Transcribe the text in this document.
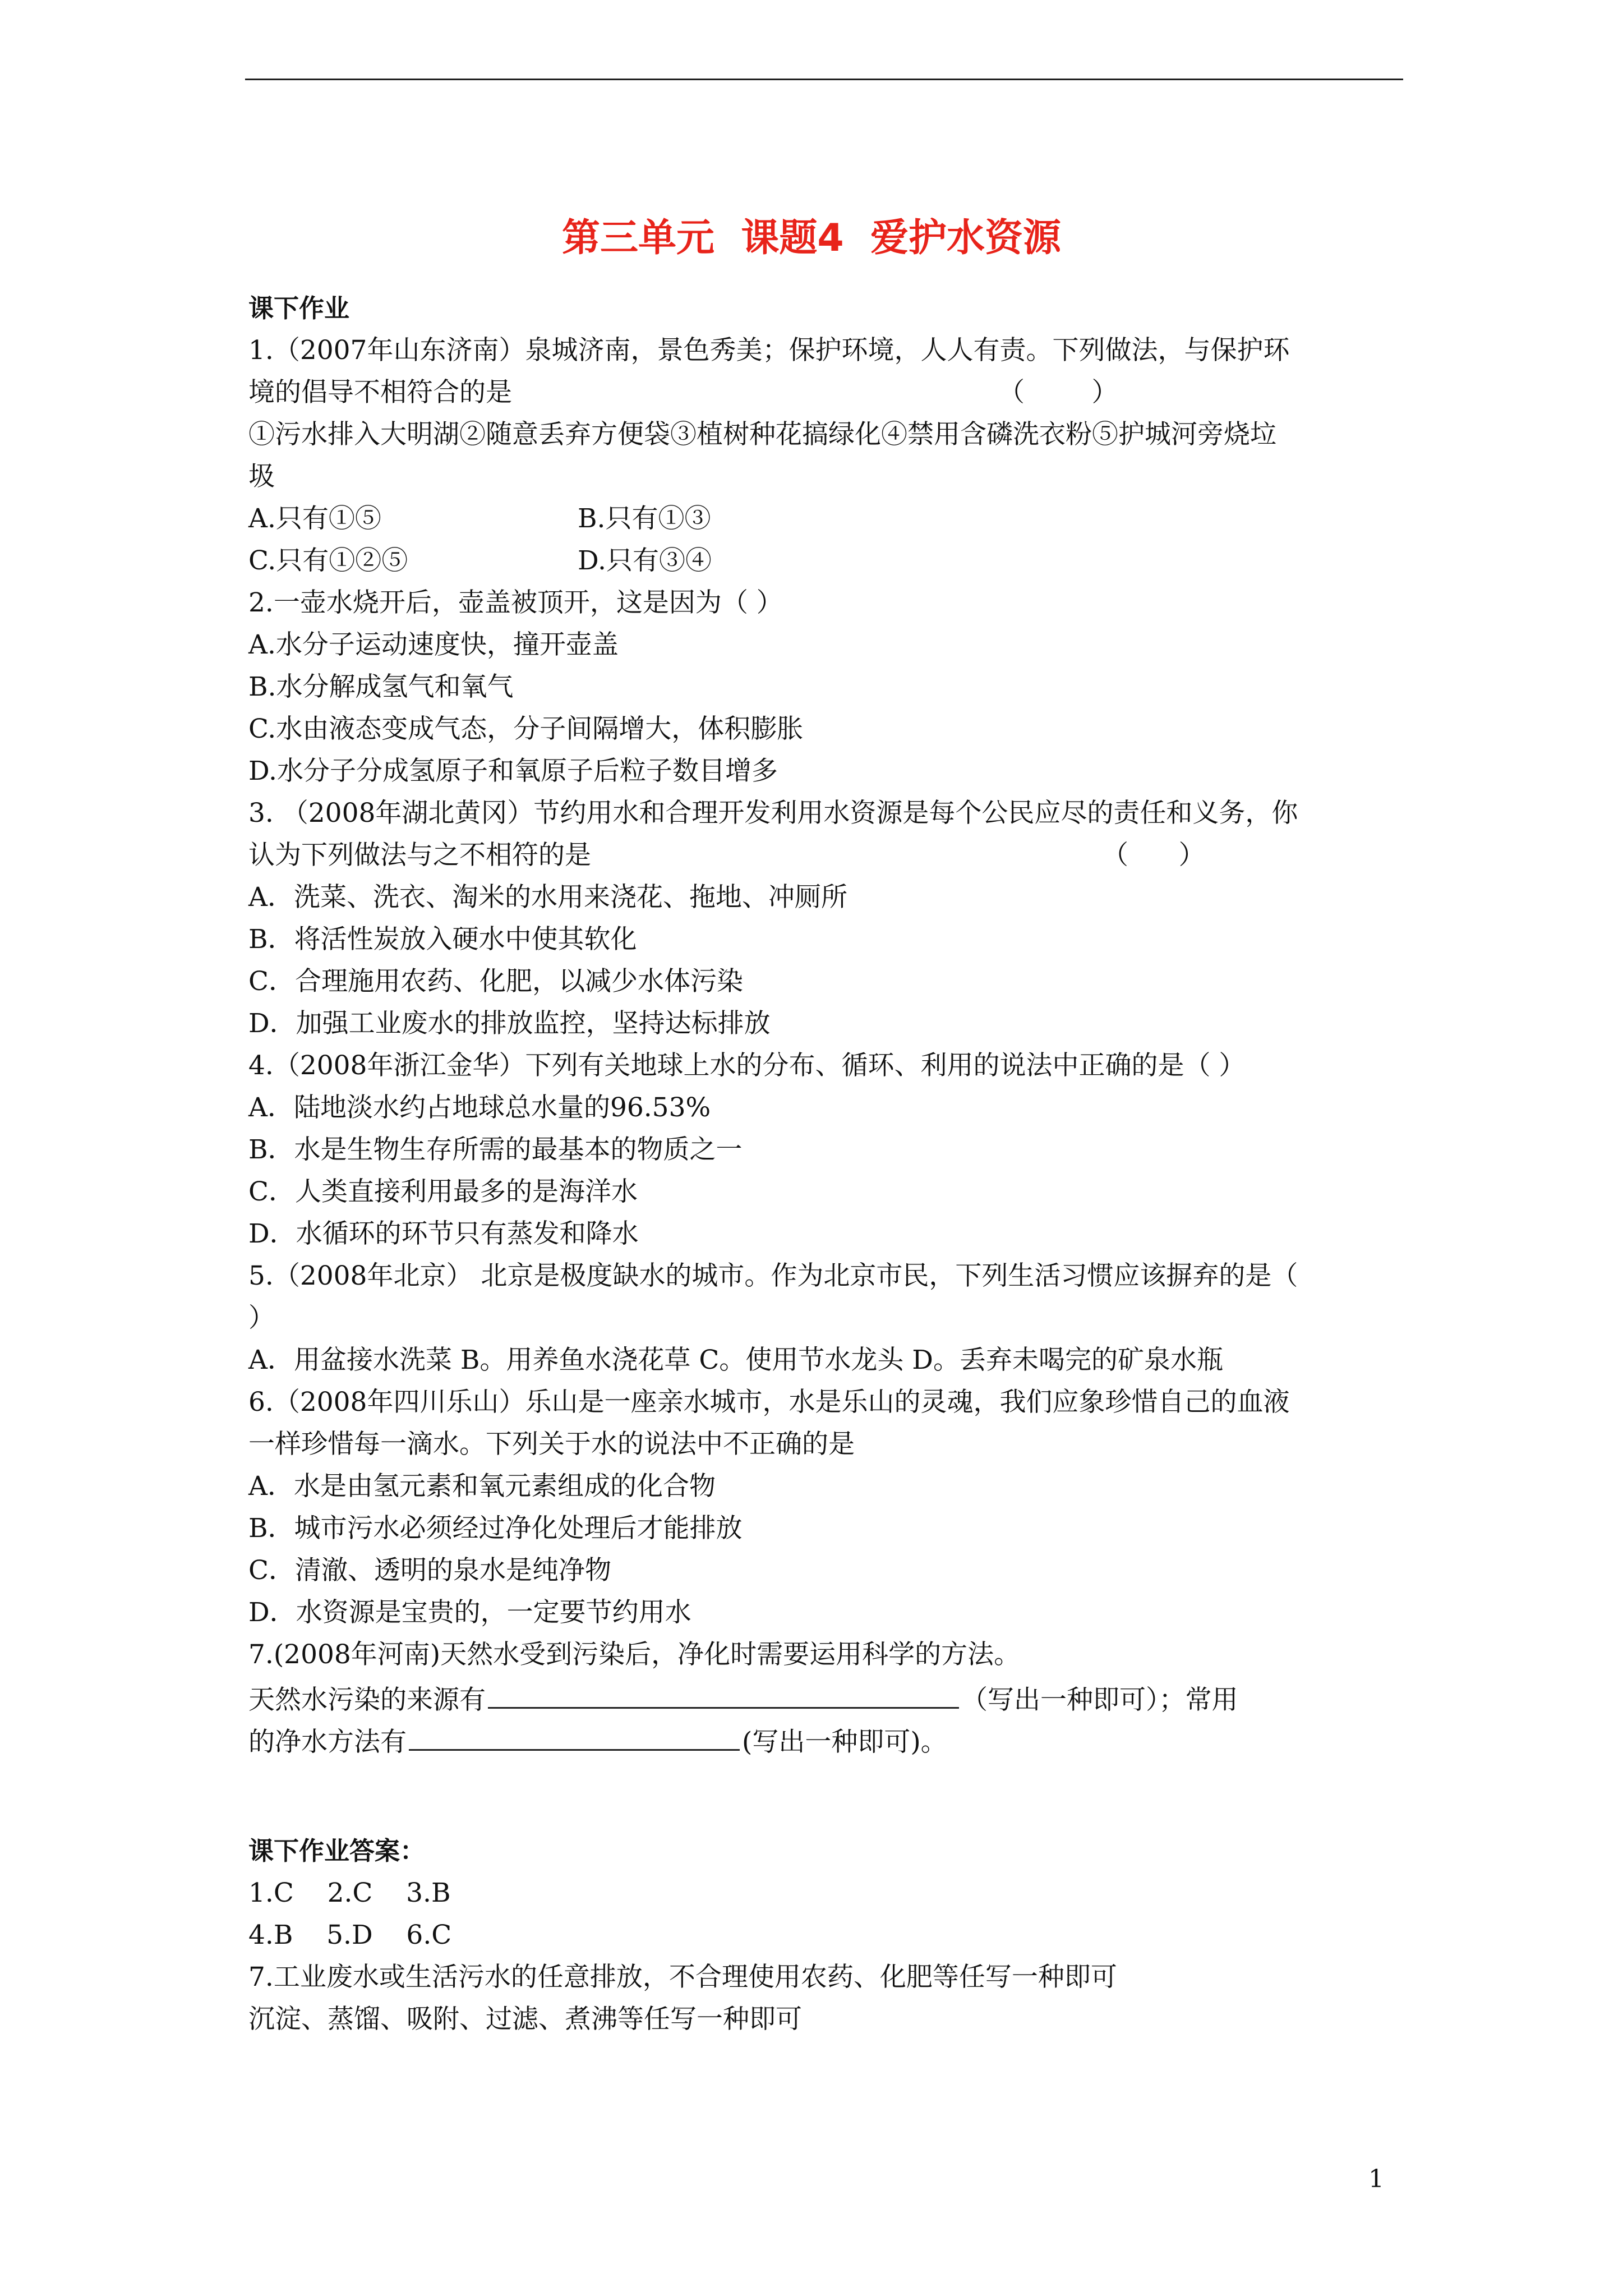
第三单元  课题4  爱护水资源
课下作业
1.（2007年山东济南）泉城济南，景色秀美；保护环境，人人有责。下列做法，与保护环
境的倡导不相符合的是	（        ）
①污水排入大明湖②随意丢弃方便袋③植树种花搞绿化④禁用含磷洗衣粉⑤护城河旁烧垃
圾
A.只有①⑤	B.只有①③
C.只有①②⑤	D.只有③④
2.一壶水烧开后，壶盖被顶开，这是因为（ ）
A.水分子运动速度快，撞开壶盖
B.水分解成氢气和氧气
C.水由液态变成气态，分子间隔增大，体积膨胀
D.水分子分成氢原子和氧原子后粒子数目增多
3. （2008年湖北黄冈）节约用水和合理开发利用水资源是每个公民应尽的责任和义务，你
认为下列做法与之不相符的是	（      ）
A．洗菜、洗衣、淘米的水用来浇花、拖地、冲厕所
B．将活性炭放入硬水中使其软化
C．合理施用农药、化肥，以减少水体污染
D．加强工业废水的排放监控，坚持达标排放
4.（2008年浙江金华）下列有关地球上水的分布、循环、利用的说法中正确的是（ ）
A．陆地淡水约占地球总水量的96.53%
B．水是生物生存所需的最基本的物质之一
C．人类直接利用最多的是海洋水
D．水循环的环节只有蒸发和降水
5.（2008年北京） 北京是极度缺水的城市。作为北京市民，下列生活习惯应该摒弃的是（
）
A．用盆接水洗菜 B。用养鱼水浇花草 C。使用节水龙头 D。丢弃未喝完的矿泉水瓶
6.（2008年四川乐山）乐山是一座亲水城市，水是乐山的灵魂，我们应象珍惜自己的血液
一样珍惜每一滴水。下列关于水的说法中不正确的是
A．水是由氢元素和氧元素组成的化合物
B．城市污水必须经过净化处理后才能排放
C．清澈、透明的泉水是纯净物
D．水资源是宝贵的，一定要节约用水
7.(2008年河南)天然水受到污染后，净化时需要运用科学的方法。
天然水污染的来源有	（写出一种即可）；常用
的净水方法有	(写出一种即可)。
课下作业答案：
1.C    2.C    3.B
4.B    5.D    6.C
7.工业废水或生活污水的任意排放，不合理使用农药、化肥等任写一种即可
沉淀、蒸馏、吸附、过滤、煮沸等任写一种即可
1
